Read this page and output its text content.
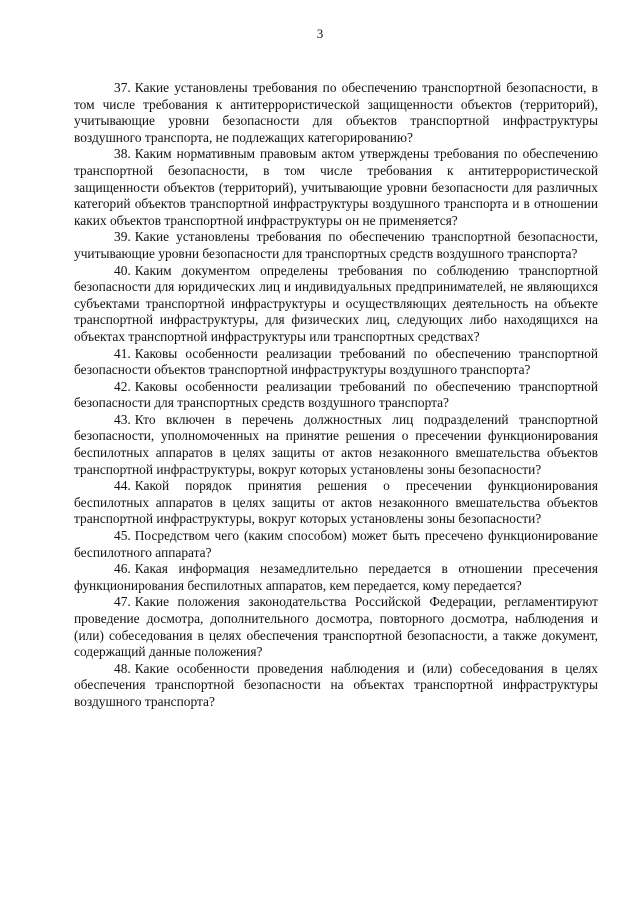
3

37. Какие установлены требования по обеспечению транспортной безопасности, в том числе требования к антитеррористической защищенности объектов (территорий), учитывающие уровни безопасности для объектов транспортной инфраструктуры воздушного транспорта, не подлежащих категорированию?

38. Каким нормативным правовым актом утверждены требования по обеспечению транспортной безопасности, в том числе требования к антитеррористической защищенности объектов (территорий), учитывающие уровни безопасности для различных категорий объектов транспортной инфраструктуры воздушного транспорта и в отношении каких объектов транспортной инфраструктуры он не применяется?

39. Какие установлены требования по обеспечению транспортной безопасности, учитывающие уровни безопасности для транспортных средств воздушного транспорта?

40. Каким документом определены требования по соблюдению транспортной безопасности для юридических лиц и индивидуальных предпринимателей, не являющихся субъектами транспортной инфраструктуры и осуществляющих деятельность на объекте транспортной инфраструктуры, для физических лиц, следующих либо находящихся на объектах транспортной инфраструктуры или транспортных средствах?

41. Каковы особенности реализации требований по обеспечению транспортной безопасности объектов транспортной инфраструктуры воздушного транспорта?

42. Каковы особенности реализации требований по обеспечению транспортной безопасности для транспортных средств воздушного транспорта?

43. Кто включен в перечень должностных лиц подразделений транспортной безопасности, уполномоченных на принятие решения о пресечении функционирования беспилотных аппаратов в целях защиты от актов незаконного вмешательства объектов транспортной инфраструктуры, вокруг которых установлены зоны безопасности?

44. Какой порядок принятия решения о пресечении функционирования беспилотных аппаратов в целях защиты от актов незаконного вмешательства объектов транспортной инфраструктуры, вокруг которых установлены зоны безопасности?

45. Посредством чего (каким способом) может быть пресечено функционирование беспилотного аппарата?

46. Какая информация незамедлительно передается в отношении пресечения функционирования беспилотных аппаратов, кем передается, кому передается?

47. Какие положения законодательства Российской Федерации, регламентируют проведение досмотра, дополнительного досмотра, повторного досмотра, наблюдения и (или) собеседования в целях обеспечения транспортной безопасности, а также документ, содержащий данные положения?

48. Какие особенности проведения наблюдения и (или) собеседования в целях обеспечения транспортной безопасности на объектах транспортной инфраструктуры воздушного транспорта?
